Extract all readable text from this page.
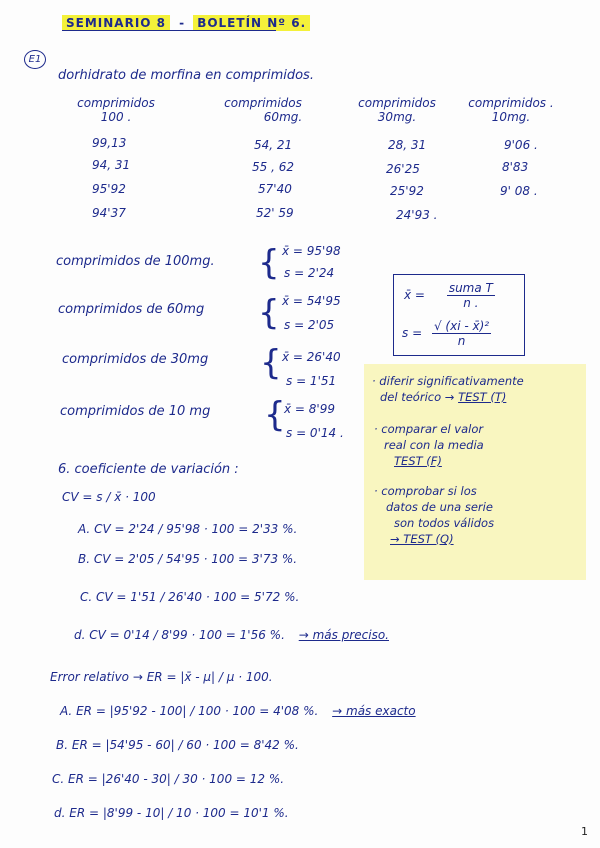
SEMINARIO 8 - BOLETÍN Nº 6.
E1
dorhidrato de morfina en comprimidos.
comprimidos
100 .
comprimidos
60mg.
comprimidos
30mg.
comprimidos .
10mg.
99,13
94, 31
95'92
94'37
54, 21
55 , 62
57'40
52' 59
28, 31
26'25
25'92
24'93 .
9'06 .
8'83
9' 08 .
comprimidos de 100mg. { x̄ = 95'98
s = 2'24
comprimidos de 60mg { x̄ = 54'95
s = 2'05
comprimidos de 30mg { x̄ = 26'40
s = 1'51
comprimidos de 10 mg {
x̄ = 8'99
s = 0'14 .
x̄ = $\frac{\text{suma T}}{n .}$
$s = \frac{\text{√ (xi - x̄)²}}{n}$
· diferir significativamente
del teórico → TEST (T)
· comparar el valor
real con la media
TEST (F)
· comprobar si los
datos de una serie
son todos válidos
→ TEST (Q)
6. coeficiente de variación :
CV = s / x̄ · 100
A. CV = 2'24 / 95'98 · 100 = 2'33 %.
B. CV = 2'05 / 54'95 · 100 = 3'73 %.
C. CV = 1'51 / 26'40 · 100 = 5'72 %.
d. CV = 0'14 / 8'99 · 100 = 1'56 %. → más preciso.
Error relativo → ER = |x̄ - μ| / μ · 100.
A. ER = |95'92 - 100| / 100 · 100 = 4'08 %. → más exacto
B. ER = |54'95 - 60| / 60 · 100 = 8'42 %.
C. ER = |26'40 - 30| / 30 · 100 = 12 %.
d. ER = |8'99 - 10| / 10 · 100 = 10'1 %.
1
